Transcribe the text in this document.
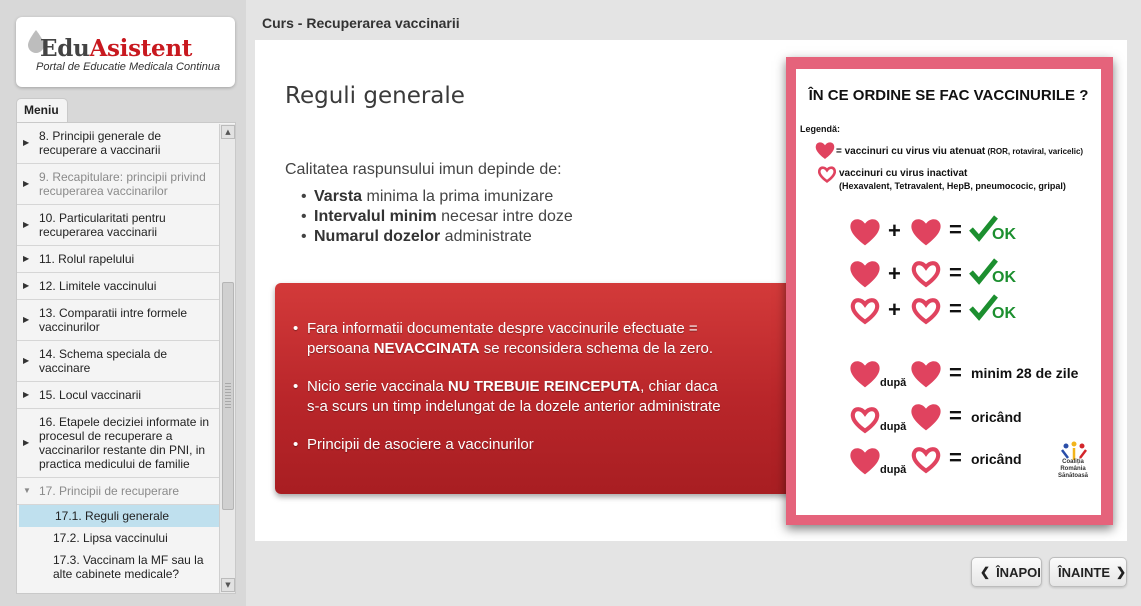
EduAsistent
Portal de Educatie Medicala Continua
Meniu
▶ 8. Principii generale de recuperare a vaccinarii
▶ 9. Recapitulare: principii privind recuperarea vaccinarilor
▶ 10. Particularitati pentru recuperarea vaccinarii
▶ 11. Rolul rapelului
▶ 12. Limitele vaccinului
▶ 13. Comparatii intre formele vaccinurilor
▶ 14. Schema speciala de vaccinare
▶ 15. Locul vaccinarii
▶
16. Etapele deciziei informate in procesul de recuperare a vaccinarilor restante din PNI, in practica medicului de familie
▼ 17. Principii de recuperare
17.1. Reguli generale
17.2. Lipsa vaccinului
17.3. Vaccinam la MF sau la alte cabinete medicale?
▲
▼
Curs - Recuperarea vaccinarii
Reguli generale
Calitatea raspunsului imun depinde de:
• Varsta minima la prima imunizare
• Intervalul minim necesar intre doze
• Numarul dozelor administrate
• Fara informatii documentate despre vaccinurile efectuate =
persoana NEVACCINATA se reconsidera schema de la zero.
• Nicio serie vaccinala NU TREBUIE REINCEPUTA, chiar daca
s-a scurs un timp indelungat de la dozele anterior administrate
• Principii de asociere a vaccinurilor
ÎN CE ORDINE SE FAC VACCINURILE ?
Legendă:
= vaccinuri cu virus viu atenuat (ROR, rotaviral, varicelic)
vaccinuri cu virus inactivat
(Hexavalent, Tetravalent, HepB, pneumococic, gripal)
+ = OK
+ = OK
+ = OK
după = minim 28 de zile
după = oricând
după = oricând	Coaliția
România
Sănătoasă
❮ ÎNAPOI ÎNAINTE ❯
